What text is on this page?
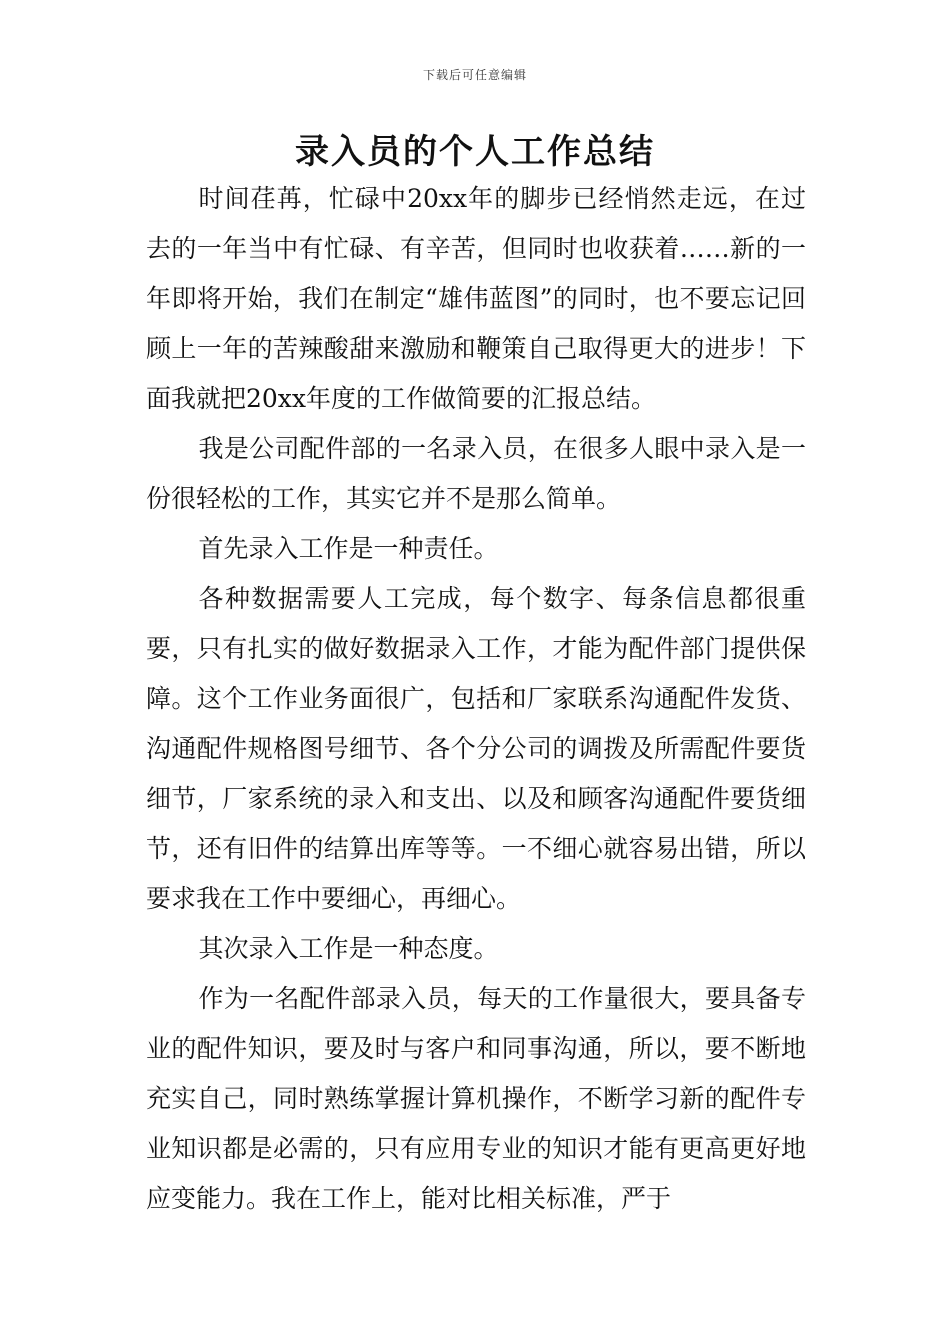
下载后可任意编辑
录入员的个人工作总结

时间荏苒，忙碌中20xx年的脚步已经悄然走远，在过去的一年当中有忙碌、有辛苦，但同时也收获着……新的一年即将开始，我们在制定“雄伟蓝图”的同时，也不要忘记回顾上一年的苦辣酸甜来激励和鞭策自己取得更大的进步！下面我就把20xx年度的工作做简要的汇报总结。

我是公司配件部的一名录入员，在很多人眼中录入是一份很轻松的工作，其实它并不是那么简单。

首先录入工作是一种责任。

各种数据需要人工完成，每个数字、每条信息都很重要，只有扎实的做好数据录入工作，才能为配件部门提供保障。这个工作业务面很广，包括和厂家联系沟通配件发货、沟通配件规格图号细节、各个分公司的调拨及所需配件要货细节，厂家系统的录入和支出、以及和顾客沟通配件要货细节，还有旧件的结算出库等等。一不细心就容易出错，所以要求我在工作中要细心，再细心。

其次录入工作是一种态度。

作为一名配件部录入员，每天的工作量很大，要具备专业的配件知识，要及时与客户和同事沟通，所以，要不断地充实自己，同时熟练掌握计算机操作，不断学习新的配件专业知识都是必需的，只有应用专业的知识才能有更高更好地应变能力。我在工作上，能对比相关标准，严于
